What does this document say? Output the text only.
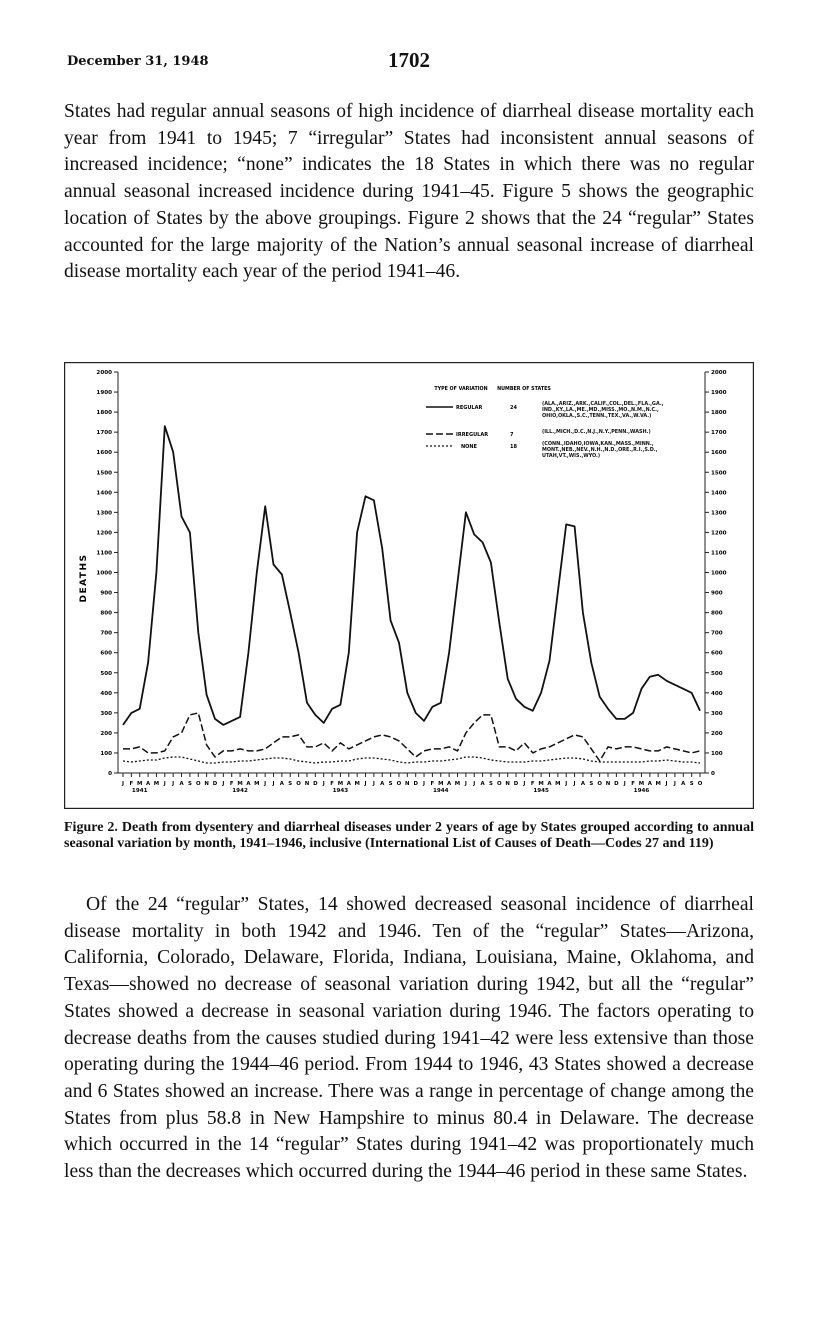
December 31, 1948	1702

States had regular annual seasons of high incidence of diarrheal disease mortality each year from 1941 to 1945; 7 “irregular” States had inconsistent annual seasons of increased incidence; “none” indicates the 18 States in which there was no regular annual seasonal increased incidence during 1941–45. Figure 5 shows the geographic location of States by the above groupings. Figure 2 shows that the 24 “regular” States accounted for the large majority of the Nation’s annual seasonal increase of diarrheal disease mortality each year of the period 1941–46.

0	0
100	100
200	200
300	300
400	400
500	500
600	600
700	700
800	800
900	900
1000	1000
1100	1100
1200	1200
1300	1300
1400	1400
1500	1500
1600	1600
1700	1700
1800	1800
1900	1900
2000	2000
J F M A M J J A S O N D J F M A M J J A S O N D J F M A M J J A S O N D J F M A M J J A S O N D J F M A M J J A S O N D J F M A M J J A S O
1941	1942	1943	1944	1945	1946
DEATHS
TYPE OF VARIATION NUMBER OF STATES
REGULAR	24
(ALA.,ARIZ.,ARK.,CALIF.,COL.,DEL.,FLA.,GA., IND.,KY.,LA.,ME.,MD.,MISS.,MO.,N.M.,N.C., OHIO,OKLA.,S.C.,TENN.,TEX.,VA.,W.VA.)
IRREGULAR	7	(ILL.,MICH.,D.C.,N.J.,N.Y.,PENN.,WASH.)
NONE	18	(CONN.,IDAHO,IOWA,KAN.,MASS.,MINN., MONT.,NEB.,NEV.,N.H.,N.D.,ORE.,R.I.,S.D., UTAH,VT.,WIS.,WYO.)

Figure 2. Death from dysentery and diarrheal diseases under 2 years of age by States grouped according to annual seasonal variation by month, 1941–1946, inclusive (International List of Causes of Death—Codes 27 and 119)

Of the 24 “regular” States, 14 showed decreased seasonal incidence of diarrheal disease mortality in both 1942 and 1946. Ten of the “regular” States—Arizona, California, Colorado, Delaware, Florida, Indiana, Louisiana, Maine, Oklahoma, and Texas—showed no decrease of seasonal variation during 1942, but all the “regular” States showed a decrease in seasonal variation during 1946. The factors operating to decrease deaths from the causes studied during 1941–42 were less extensive than those operating during the 1944–46 period. From 1944 to 1946, 43 States showed a decrease and 6 States showed an increase. There was a range in percentage of change among the States from plus 58.8 in New Hampshire to minus 80.4 in Delaware. The decrease which occurred in the 14 “regular” States during 1941–42 was proportionately much less than the decreases which occurred during the 1944–46 period in these same States.
